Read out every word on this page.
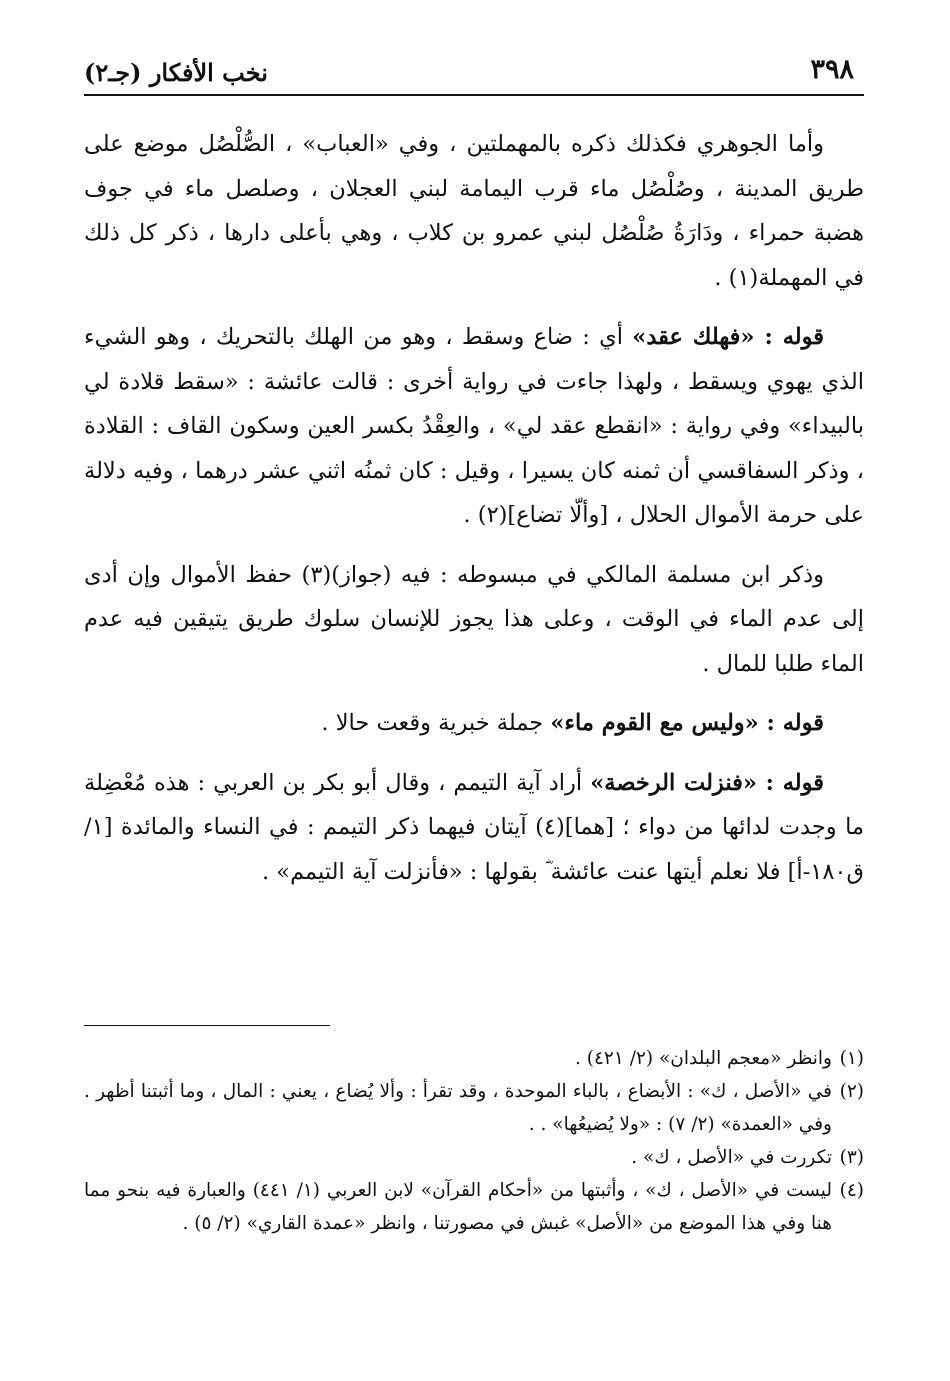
٣٩٨
نخب الأفكار (جـ٢)

وأما الجوهري فكذلك ذكره بالمهملتين ، وفي «العباب» ، الصُّلْصُل موضع على طريق المدينة ، وصُلْصُل ماء قرب اليمامة لبني العجلان ، وصلصل ماء في جوف هضبة حمراء ، ودَارَةُ صُلْصُل لبني عمرو بن كلاب ، وهي بأعلى دارها ، ذكر كل ذلك في المهملة(١) .

قوله : «فهلك عقد» أي : ضاع وسقط ، وهو من الهلك بالتحريك ، وهو الشيء الذي يهوي ويسقط ، ولهذا جاءت في رواية أخرى : قالت عائشة : «سقط قلادة لي بالبيداء» وفي رواية : «انقطع عقد لي» ، والعِقْدُ بكسر العين وسكون القاف : القلادة ، وذكر السفاقسي أن ثمنه كان يسيرا ، وقيل : كان ثمنُه اثني عشر درهما ، وفيه دلالة على حرمة الأموال الحلال ، [وألّا تضاع](٢) .

وذكر ابن مسلمة المالكي في مبسوطه : فيه (جواز)(٣) حفظ الأموال وإن أدى إلى عدم الماء في الوقت ، وعلى هذا يجوز للإنسان سلوك طريق يتيقين فيه عدم الماء طلبا للمال .

قوله : «وليس مع القوم ماء» جملة خبرية وقعت حالا .

قوله : «فنزلت الرخصة» أراد آية التيمم ، وقال أبو بكر بن العربي : هذه مُعْضِلة ما وجدت لدائها من دواء ؛ [هما](٤) آيتان فيهما ذكر التيمم : في النساء والمائدة [١/ق١٨٠-أ] فلا نعلم أيتها عنت عائشة ؓ بقولها : «فأنزلت آية التيمم» .

(١)
وانظر «معجم البلدان» (٢/ ٤٢١) .
(٢)
في «الأصل ، ك» : الأبضاع ، بالباء الموحدة ، وقد تقرأ : وألا يُضاع ، يعني : المال ، وما أثبتنا أظهر . وفي «العمدة» (٢/ ٧) : «ولا يُضيعُها» . .
(٣)
تكررت في «الأصل ، ك» .
(٤)
ليست في «الأصل ، ك» ، وأثبتها من «أحكام القرآن» لابن العربي (١/ ٤٤١) والعبارة فيه بنحو مما هنا وفي هذا الموضع من «الأصل» غبش في مصورتنا ، وانظر «عمدة القاري» (٢/ ٥) .
